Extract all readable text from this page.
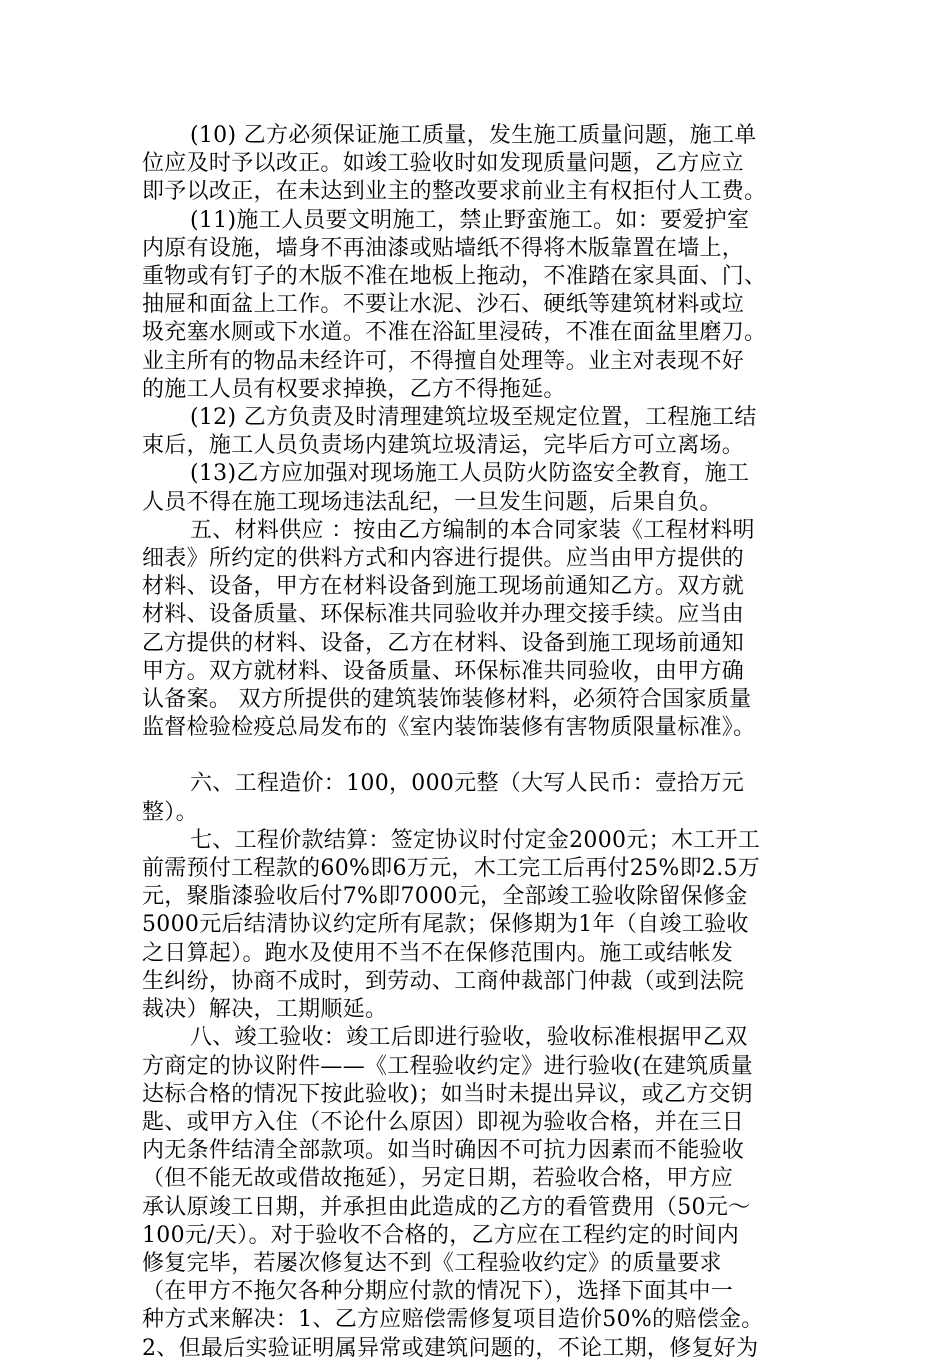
(10) 乙方必须保证施工质量，发生施工质量问题，施工单
位应及时予以改正。如竣工验收时如发现质量问题，乙方应立
即予以改正，在未达到业主的整改要求前业主有权拒付人工费。

(11)施工人员要文明施工，禁止野蛮施工。如：要爱护室
内原有设施，墙身不再油漆或贴墙纸不得将木版靠置在墙上，
重物或有钉子的木版不准在地板上拖动，不准踏在家具面、门、
抽屉和面盆上工作。不要让水泥、沙石、硬纸等建筑材料或垃
圾充塞水厕或下水道。不准在浴缸里浸砖，不准在面盆里磨刀。
业主所有的物品未经许可，不得擅自处理等。业主对表现不好
的施工人员有权要求掉换，乙方不得拖延。

(12) 乙方负责及时清理建筑垃圾至规定位置，工程施工结
束后，施工人员负责场内建筑垃圾清运，完毕后方可立离场。

(13)乙方应加强对现场施工人员防火防盗安全教育，施工
人员不得在施工现场违法乱纪，一旦发生问题，后果自负。

五、材料供应 ：按由乙方编制的本合同家装《工程材料明
细表》所约定的供料方式和内容进行提供。应当由甲方提供的
材料、设备，甲方在材料设备到施工现场前通知乙方。双方就
材料、设备质量、环保标准共同验收并办理交接手续。应当由
乙方提供的材料、设备，乙方在材料、设备到施工现场前通知
甲方。双方就材料、设备质量、环保标准共同验收，由甲方确
认备案。 双方所提供的建筑装饰装修材料，必须符合国家质量
监督检验检疫总局发布的《室内装饰装修有害物质限量标准》。

六、工程造价：100，000元整（大写人民币：壹拾万元
整）。

七、工程价款结算：签定协议时付定金2000元；木工开工
前需预付工程款的60%即6万元，木工完工后再付25%即2.5万
元，聚脂漆验收后付7%即7000元，全部竣工验收除留保修金
5000元后结清协议约定所有尾款；保修期为1年（自竣工验收
之日算起）。跑水及使用不当不在保修范围内。施工或结帐发
生纠纷，协商不成时，到劳动、工商仲裁部门仲裁（或到法院
裁决）解决，工期顺延。

八、竣工验收：竣工后即进行验收，验收标准根据甲乙双
方商定的协议附件——《工程验收约定》进行验收(在建筑质量
达标合格的情况下按此验收)；如当时未提出异议，或乙方交钥
匙、或甲方入住（不论什么原因）即视为验收合格，并在三日
内无条件结清全部款项。如当时确因不可抗力因素而不能验收
（但不能无故或借故拖延），另定日期，若验收合格，甲方应
承认原竣工日期，并承担由此造成的乙方的看管费用（50元～
100元/天）。对于验收不合格的，乙方应在工程约定的时间内
修复完毕，若屡次修复达不到《工程验收约定》的质量要求
（在甲方不拖欠各种分期应付款的情况下），选择下面其中一
种方式来解决：1、乙方应赔偿需修复项目造价50%的赔偿金。
2、但最后实验证明属异常或建筑问题的，不论工期，修复好为
